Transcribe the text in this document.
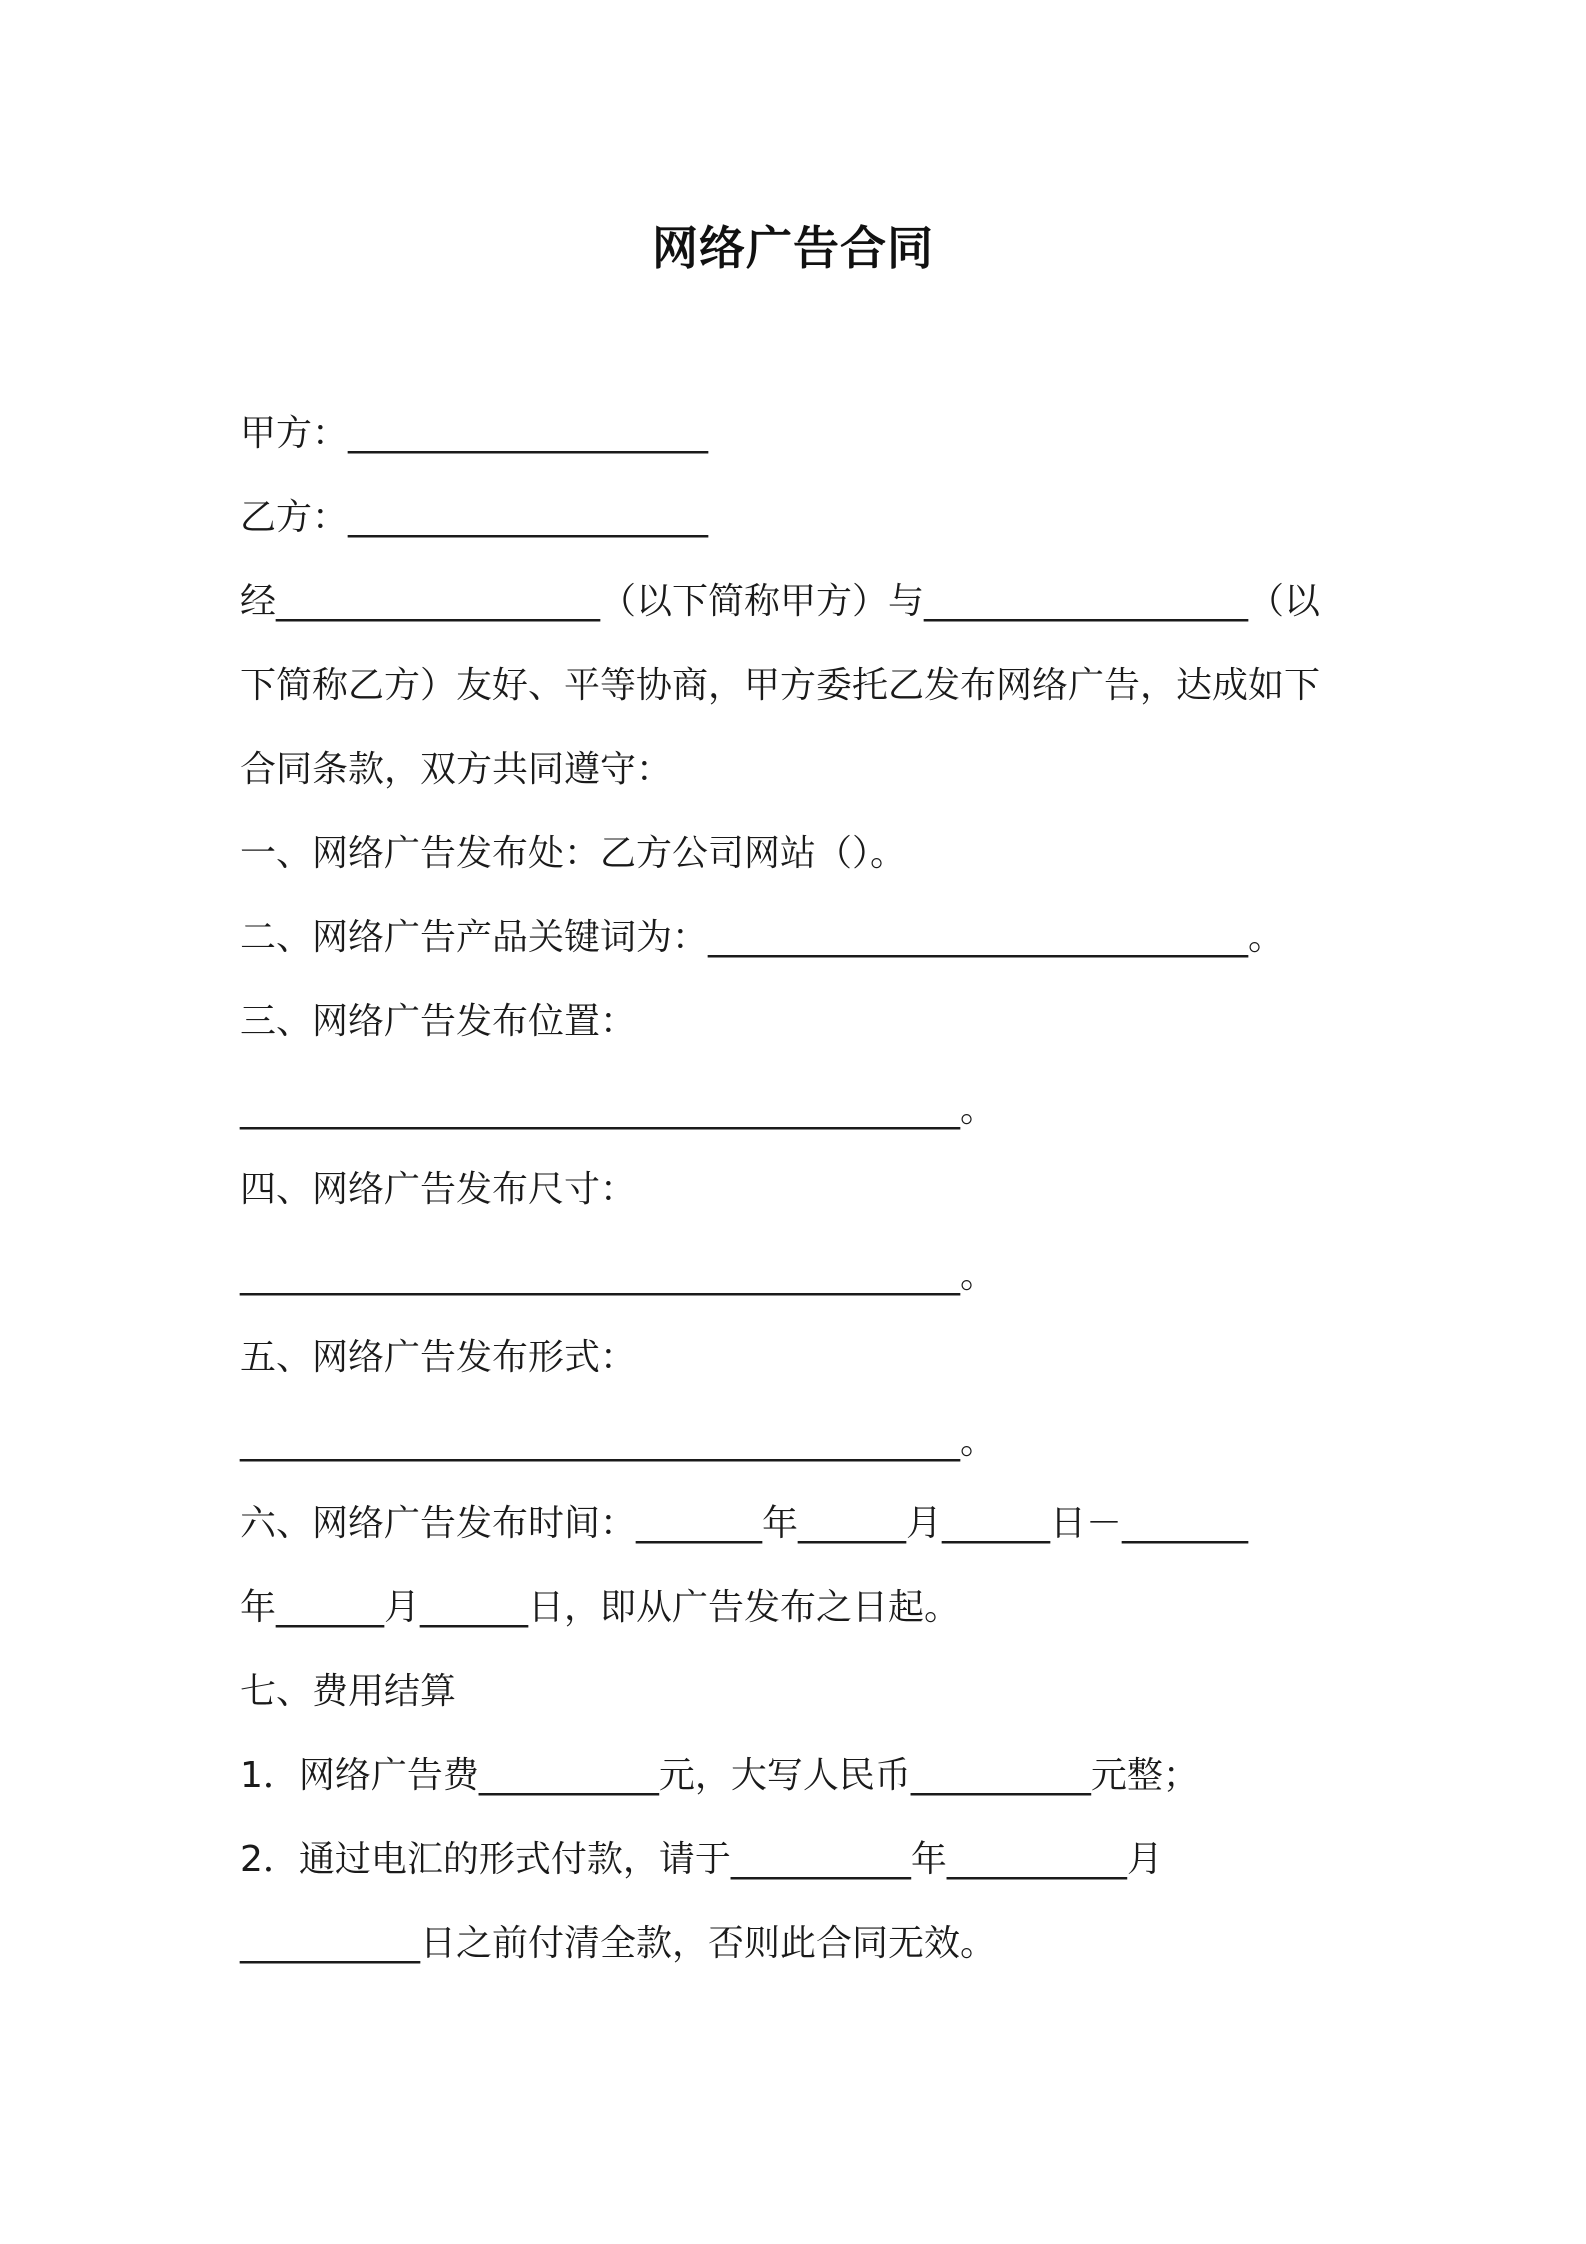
网络广告合同
甲方：____________________
乙方：____________________
经__________________（以下简称甲方）与__________________（以
下简称乙方）友好、平等协商，甲方委托乙发布网络广告，达成如下
合同条款，双方共同遵守：
一、网络广告发布处：乙方公司网站（）。
二、网络广告产品关键词为：______________________________。
三、网络广告发布位置：
________________________________________。
四、网络广告发布尺寸：
________________________________________。
五、网络广告发布形式：
________________________________________。
六、网络广告发布时间：_______年______月______日－_______
年______月______日，即从广告发布之日起。
七、费用结算
1．网络广告费__________元，大写人民币__________元整；
2．通过电汇的形式付款，请于__________年__________月
__________日之前付清全款，否则此合同无效。
